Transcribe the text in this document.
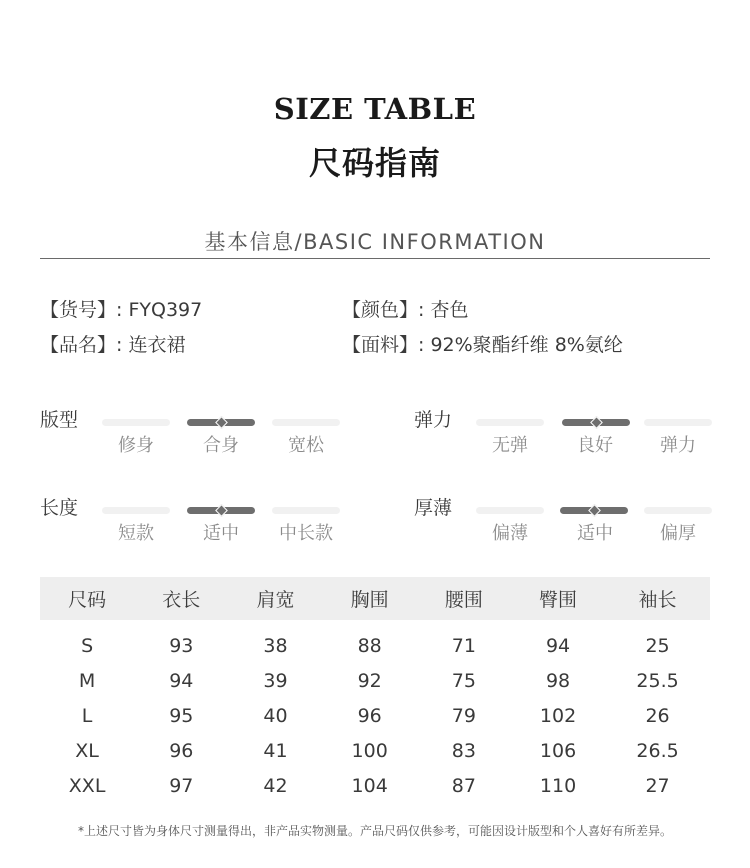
SIZE TABLE
尺码指南
基本信息/BASIC INFORMATION
【货号】: FYQ397	【颜色】: 杏色
【品名】: 连衣裙	【面料】: 92%聚酯纤维 8%氨纶
版型
修身	合身	宽松
弹力
无弹	良好	弹力
长度
短款	适中	中长款
厚薄
偏薄	适中	偏厚
尺码	衣长	肩宽	胸围	腰围	臀围	袖长
S	93	38	88	71	94	25
M	94	39	92	75	98	25.5
L	95	40	96	79	102	26
XL	96	41	100	83	106	26.5
XXL	97	42	104	87	110	27
*上述尺寸皆为身体尺寸测量得出，非产品实物测量。产品尺码仅供参考，可能因设计版型和个人喜好有所差异。
